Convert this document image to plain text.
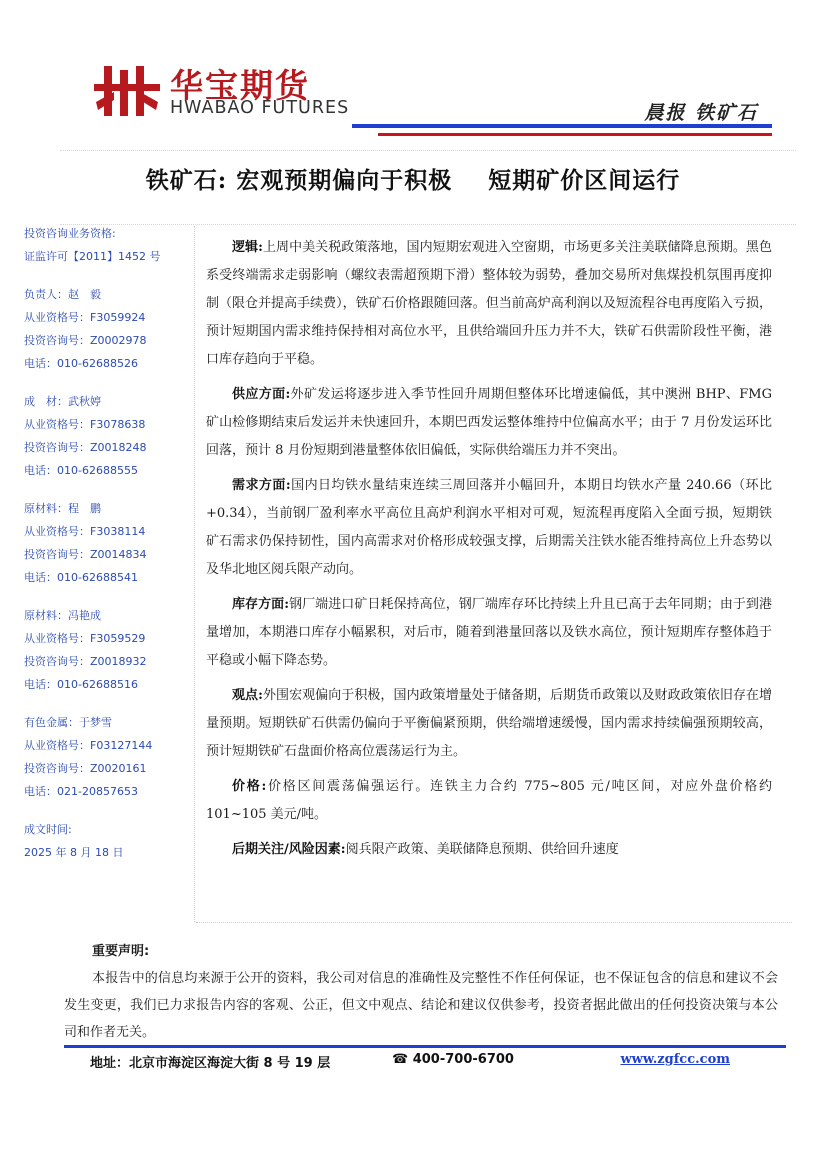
华宝期货
HWABAO FUTURES	晨报 铁矿石
铁矿石: 宏观预期偏向于积极    短期矿价区间运行
投资咨询业务资格:
证监许可【2011】1452 号
负责人：赵　毅
从业资格号：F3059924
投资咨询号：Z0002978
电话：010-62688526
成　材：武秋婷
从业资格号：F3078638
投资咨询号：Z0018248
电话：010-62688555
原材料：程　鹏
从业资格号：F3038114
投资咨询号：Z0014834
电话：010-62688541
原材料：冯艳成
从业资格号：F3059529
投资咨询号：Z0018932
电话：010-62688516
有色金属：于梦雪
从业资格号：F03127144
投资咨询号：Z0020161
电话：021-20857653
成文时间:
2025 年 8 月 18 日

逻辑:上周中美关税政策落地，国内短期宏观进入空窗期，市场更多关注美联储降息预期。黑色系受终端需求走弱影响（螺纹表需超预期下滑）整体较为弱势，叠加交易所对焦煤投机氛围再度抑制（限仓并提高手续费），铁矿石价格跟随回落。但当前高炉高利润以及短流程谷电再度陷入亏损，预计短期国内需求维持保持相对高位水平，且供给端回升压力并不大，铁矿石供需阶段性平衡，港口库存趋向于平稳。

供应方面:外矿发运将逐步进入季节性回升周期但整体环比增速偏低，其中澳洲 BHP、FMG 矿山检修期结束后发运并未快速回升，本期巴西发运整体维持中位偏高水平；由于 7 月份发运环比回落，预计 8 月份短期到港量整体依旧偏低，实际供给端压力并不突出。

需求方面:国内日均铁水量结束连续三周回落并小幅回升，本期日均铁水产量 240.66（环比+0.34），当前钢厂盈利率水平高位且高炉利润水平相对可观，短流程再度陷入全面亏损，短期铁矿石需求仍保持韧性，国内高需求对价格形成较强支撑，后期需关注铁水能否维持高位上升态势以及华北地区阅兵限产动向。

库存方面:钢厂端进口矿日耗保持高位，钢厂端库存环比持续上升且已高于去年同期；由于到港量增加，本期港口库存小幅累积，对后市，随着到港量回落以及铁水高位，预计短期库存整体趋于平稳或小幅下降态势。

观点:外围宏观偏向于积极，国内政策增量处于储备期，后期货币政策以及财政政策依旧存在增量预期。短期铁矿石供需仍偏向于平衡偏紧预期，供给端增速缓慢，国内需求持续偏强预期较高，预计短期铁矿石盘面价格高位震荡运行为主。

价格:价格区间震荡偏强运行。连铁主力合约 775~805 元/吨区间，对应外盘价格约 101~105 美元/吨。

后期关注/风险因素:阅兵限产政策、美联储降息预期、供给回升速度

重要声明:
本报告中的信息均来源于公开的资料，我公司对信息的准确性及完整性不作任何保证，也不保证包含的信息和建议不会发生变更，我们已力求报告内容的客观、公正，但文中观点、结论和建议仅供参考，投资者据此做出的任何投资决策与本公司和作者无关。
地址：北京市海淀区海淀大街 8 号 19 层	☎ 400-700-6700	www.zgfcc.com
